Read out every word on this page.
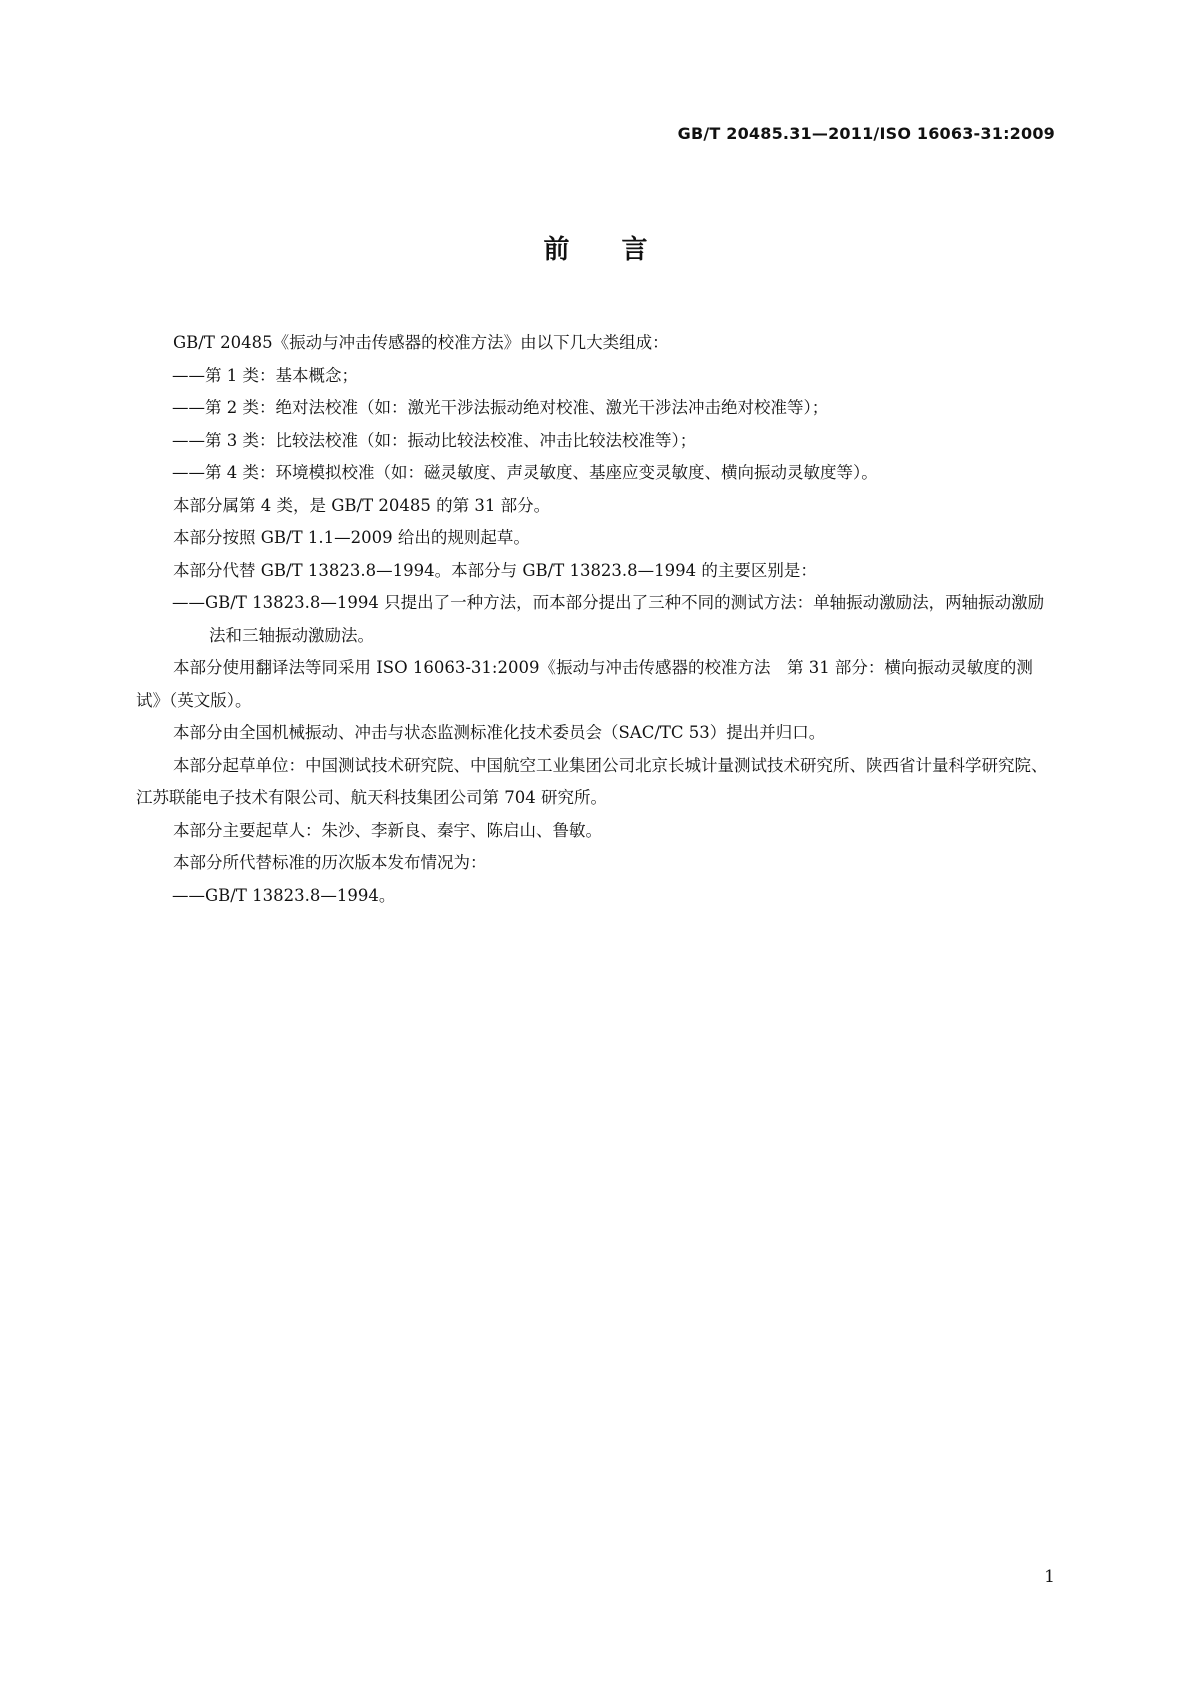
GB/T 20485.31—2011/ISO 16063-31:2009
前言

GB/T 20485《振动与冲击传感器的校准方法》由以下几大类组成：

——第 1 类：基本概念；

——第 2 类：绝对法校准（如：激光干涉法振动绝对校准、激光干涉法冲击绝对校准等）；

——第 3 类：比较法校准（如：振动比较法校准、冲击比较法校准等）；

——第 4 类：环境模拟校准（如：磁灵敏度、声灵敏度、基座应变灵敏度、横向振动灵敏度等）。

本部分属第 4 类，是 GB/T 20485 的第 31 部分。

本部分按照 GB/T 1.1—2009 给出的规则起草。

本部分代替 GB/T 13823.8—1994。本部分与 GB/T 13823.8—1994 的主要区别是：

——GB/T 13823.8—1994 只提出了一种方法，而本部分提出了三种不同的测试方法：单轴振动激励法，两轴振动激励法和三轴振动激励法。

本部分使用翻译法等同采用 ISO 16063-31:2009《振动与冲击传感器的校准方法　第 31 部分：横向振动灵敏度的测试》（英文版）。

本部分由全国机械振动、冲击与状态监测标准化技术委员会（SAC/TC 53）提出并归口。

本部分起草单位：中国测试技术研究院、中国航空工业集团公司北京长城计量测试技术研究所、陕西省计量科学研究院、江苏联能电子技术有限公司、航天科技集团公司第 704 研究所。

本部分主要起草人：朱沙、李新良、秦宇、陈启山、鲁敏。

本部分所代替标准的历次版本发布情况为：

——GB/T 13823.8—1994。

1
